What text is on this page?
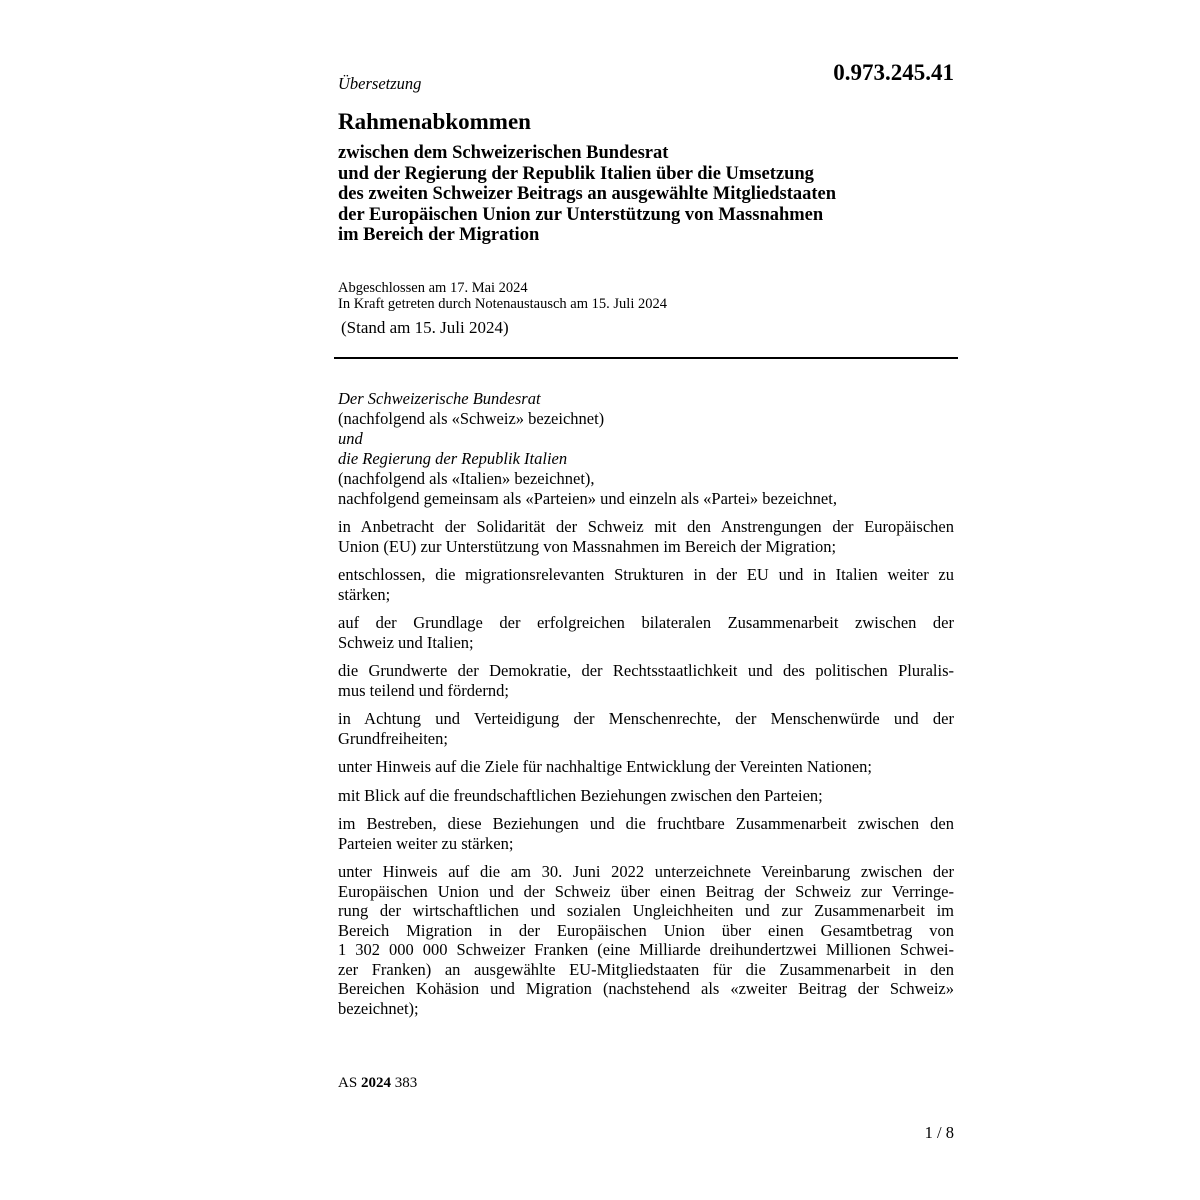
0.973.245.41
Übersetzung
Rahmenabkommen
zwischen dem Schweizerischen Bundesrat
und der Regierung der Republik Italien über die Umsetzung
des zweiten Schweizer Beitrags an ausgewählte Mitgliedstaaten
der Europäischen Union zur Unterstützung von Massnahmen
im Bereich der Migration
Abgeschlossen am 17. Mai 2024
In Kraft getreten durch Notenaustausch am 15. Juli 2024
(Stand am 15. Juli 2024)
Der Schweizerische Bundesrat
(nachfolgend als «Schweiz» bezeichnet)
und
die Regierung der Republik Italien
(nachfolgend als «Italien» bezeichnet),
nachfolgend gemeinsam als «Parteien» und einzeln als «Partei» bezeichnet,

in Anbetracht der Solidarität der Schweiz mit den Anstrengungen der Europäischen
Union (EU) zur Unterstützung von Massnahmen im Bereich der Migration;

entschlossen, die migrationsrelevanten Strukturen in der EU und in Italien weiter zu
stärken;

auf der Grundlage der erfolgreichen bilateralen Zusammenarbeit zwischen der
Schweiz und Italien;

die Grundwerte der Demokratie, der Rechtsstaatlichkeit und des politischen Pluralis-
mus teilend und fördernd;

in Achtung und Verteidigung der Menschenrechte, der Menschenwürde und der
Grundfreiheiten;

unter Hinweis auf die Ziele für nachhaltige Entwicklung der Vereinten Nationen;

mit Blick auf die freundschaftlichen Beziehungen zwischen den Parteien;

im Bestreben, diese Beziehungen und die fruchtbare Zusammenarbeit zwischen den
Parteien weiter zu stärken;

unter Hinweis auf die am 30. Juni 2022 unterzeichnete Vereinbarung zwischen der
Europäischen Union und der Schweiz über einen Beitrag der Schweiz zur Verringe-
rung der wirtschaftlichen und sozialen Ungleichheiten und zur Zusammenarbeit im
Bereich Migration in der Europäischen Union über einen Gesamtbetrag von
1 302 000 000 Schweizer Franken (eine Milliarde dreihundertzwei Millionen Schwei-
zer Franken) an ausgewählte EU-Mitgliedstaaten für die Zusammenarbeit in den
Bereichen Kohäsion und Migration (nachstehend als «zweiter Beitrag der Schweiz»
bezeichnet);

AS 2024 383
1 / 8
